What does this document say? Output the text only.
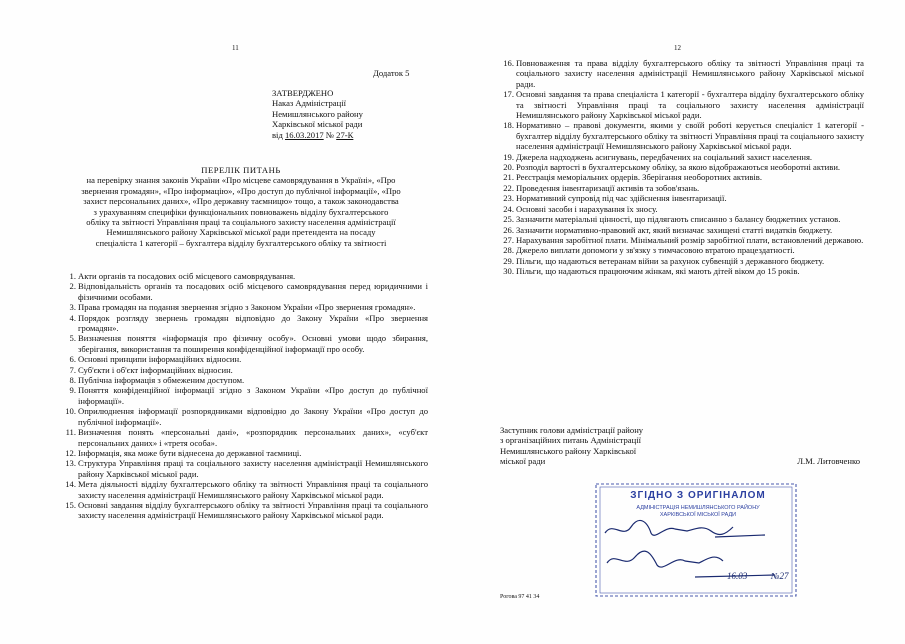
11
Додаток 5
ЗАТВЕРДЖЕНО
Наказ Адміністрації
Немишлянського району
Харківської міської ради
від 16.03.2017 № 27-К
ПЕРЕЛІК ПИТАНЬ
на перевірку знання законів України «Про місцеве самоврядування в Україні», «Про
звернення громадян», «Про інформацію», «Про доступ до публічної інформації», «Про
захист персональних даних», «Про державну таємницю» тощо, а також законодавства
з урахуванням специфіки функціональних повноважень відділу бухгалтерського
обліку та звітності Управління праці та соціального захисту населення адміністрації
Немишлянського району Харківської міської ради претендента на посаду
спеціаліста 1 категорії – бухгалтера відділу бухгалтерського обліку та звітності
1. Акти органів та посадових осіб місцевого самоврядування.
2. Відповідальність органів та посадових осіб місцевого самоврядування перед юридичними і фізичними особами.
3. Права громадян на подання звернення згідно з Законом України «Про звернення громадян».
4. Порядок розгляду звернень громадян відповідно до Закону України «Про звернення громадян».
5. Визначення поняття «інформація про фізичну особу». Основні умови щодо збирання, зберігання, використання та поширення конфіденційної інформації про особу.
6. Основні принципи інформаційних відносин.
7. Суб'єкти і об'єкт інформаційних відносин.
8. Публічна інформація з обмеженим доступом.
9. Поняття конфіденційної інформації згідно з Законом України «Про доступ до публічної інформації».
10. Оприлюднення інформації розпорядниками відповідно до Закону України «Про доступ до публічної інформації».
11. Визначення понять «персональні дані», «розпорядник персональних даних», «суб'єкт персональних даних» і «третя особа».
12. Інформація, яка може бути віднесена до державної таємниці.
13. Структура Управління праці та соціального захисту населення адміністрації Немишлянського району Харківської міської ради.
14. Мета діяльності відділу бухгалтерського обліку та звітності Управління праці та соціального захисту населення адміністрації Немишлянського району Харківської міської ради.
15. Основні завдання відділу бухгалтерського обліку та звітності Управління праці та соціального захисту населення адміністрації Немишлянського району Харківської міської ради.
12
16. Повноваження та права відділу бухгалтерського обліку та звітності Управління праці та соціального захисту населення адміністрації Немишлянського району Харківської міської ради.
17. Основні завдання та права спеціаліста 1 категорії - бухгалтера відділу бухгалтерського обліку та звітності Управління праці та соціального захисту населення адміністрації Немишлянського району Харківської міської ради.
18. Нормативно – правові документи, якими у своїй роботі керується спеціаліст 1 категорії - бухгалтер відділу бухгалтерського обліку та звітності Управління праці та соціального захисту населення адміністрації Немишлянського району Харківської міської ради.
19. Джерела надходжень асигнувань, передбачених на соціальний захист населення.
20. Розподіл вартості в бухгалтерському обліку, за якою відображаються необоротні активи.
21. Реєстрація меморіальних ордерів. Зберігання необоротних активів.
22. Проведення інвентаризації активів та зобов'язань.
23. Нормативний супровід під час здійснення інвентаризації.
24. Основні засоби і нарахування їх зносу.
25. Зазначити матеріальні цінності, що підлягають списанню з балансу бюджетних установ.
26. Зазначити нормативно-правовий акт, який визначає захищені статті видатків бюджету.
27. Нарахування заробітної плати. Мінімальний розмір заробітної плати, встановлений державою.
28. Джерело виплати допомоги у зв'язку з тимчасовою втратою працездатності.
29. Пільги, що надаються ветеранам війни за рахунок субвенцій з державного бюджету.
30. Пільги, що надаються працюючим жінкам, які мають дітей віком до 15 років.
Заступник голови адміністрації району
з організаційних питань Адміністрації
Немишлянського району Харківської
міської ради	Л.М. Литовченко
Рогова 97 41 34
ЗГІДНО З ОРИГІНАЛОМ
АДМІНІСТРАЦІЯ НЕМИШЛЯНСЬКОГО РАЙОНУ
ХАРКІВСЬКОЇ МІСЬКОЇ РАДИ
16.03	№27
